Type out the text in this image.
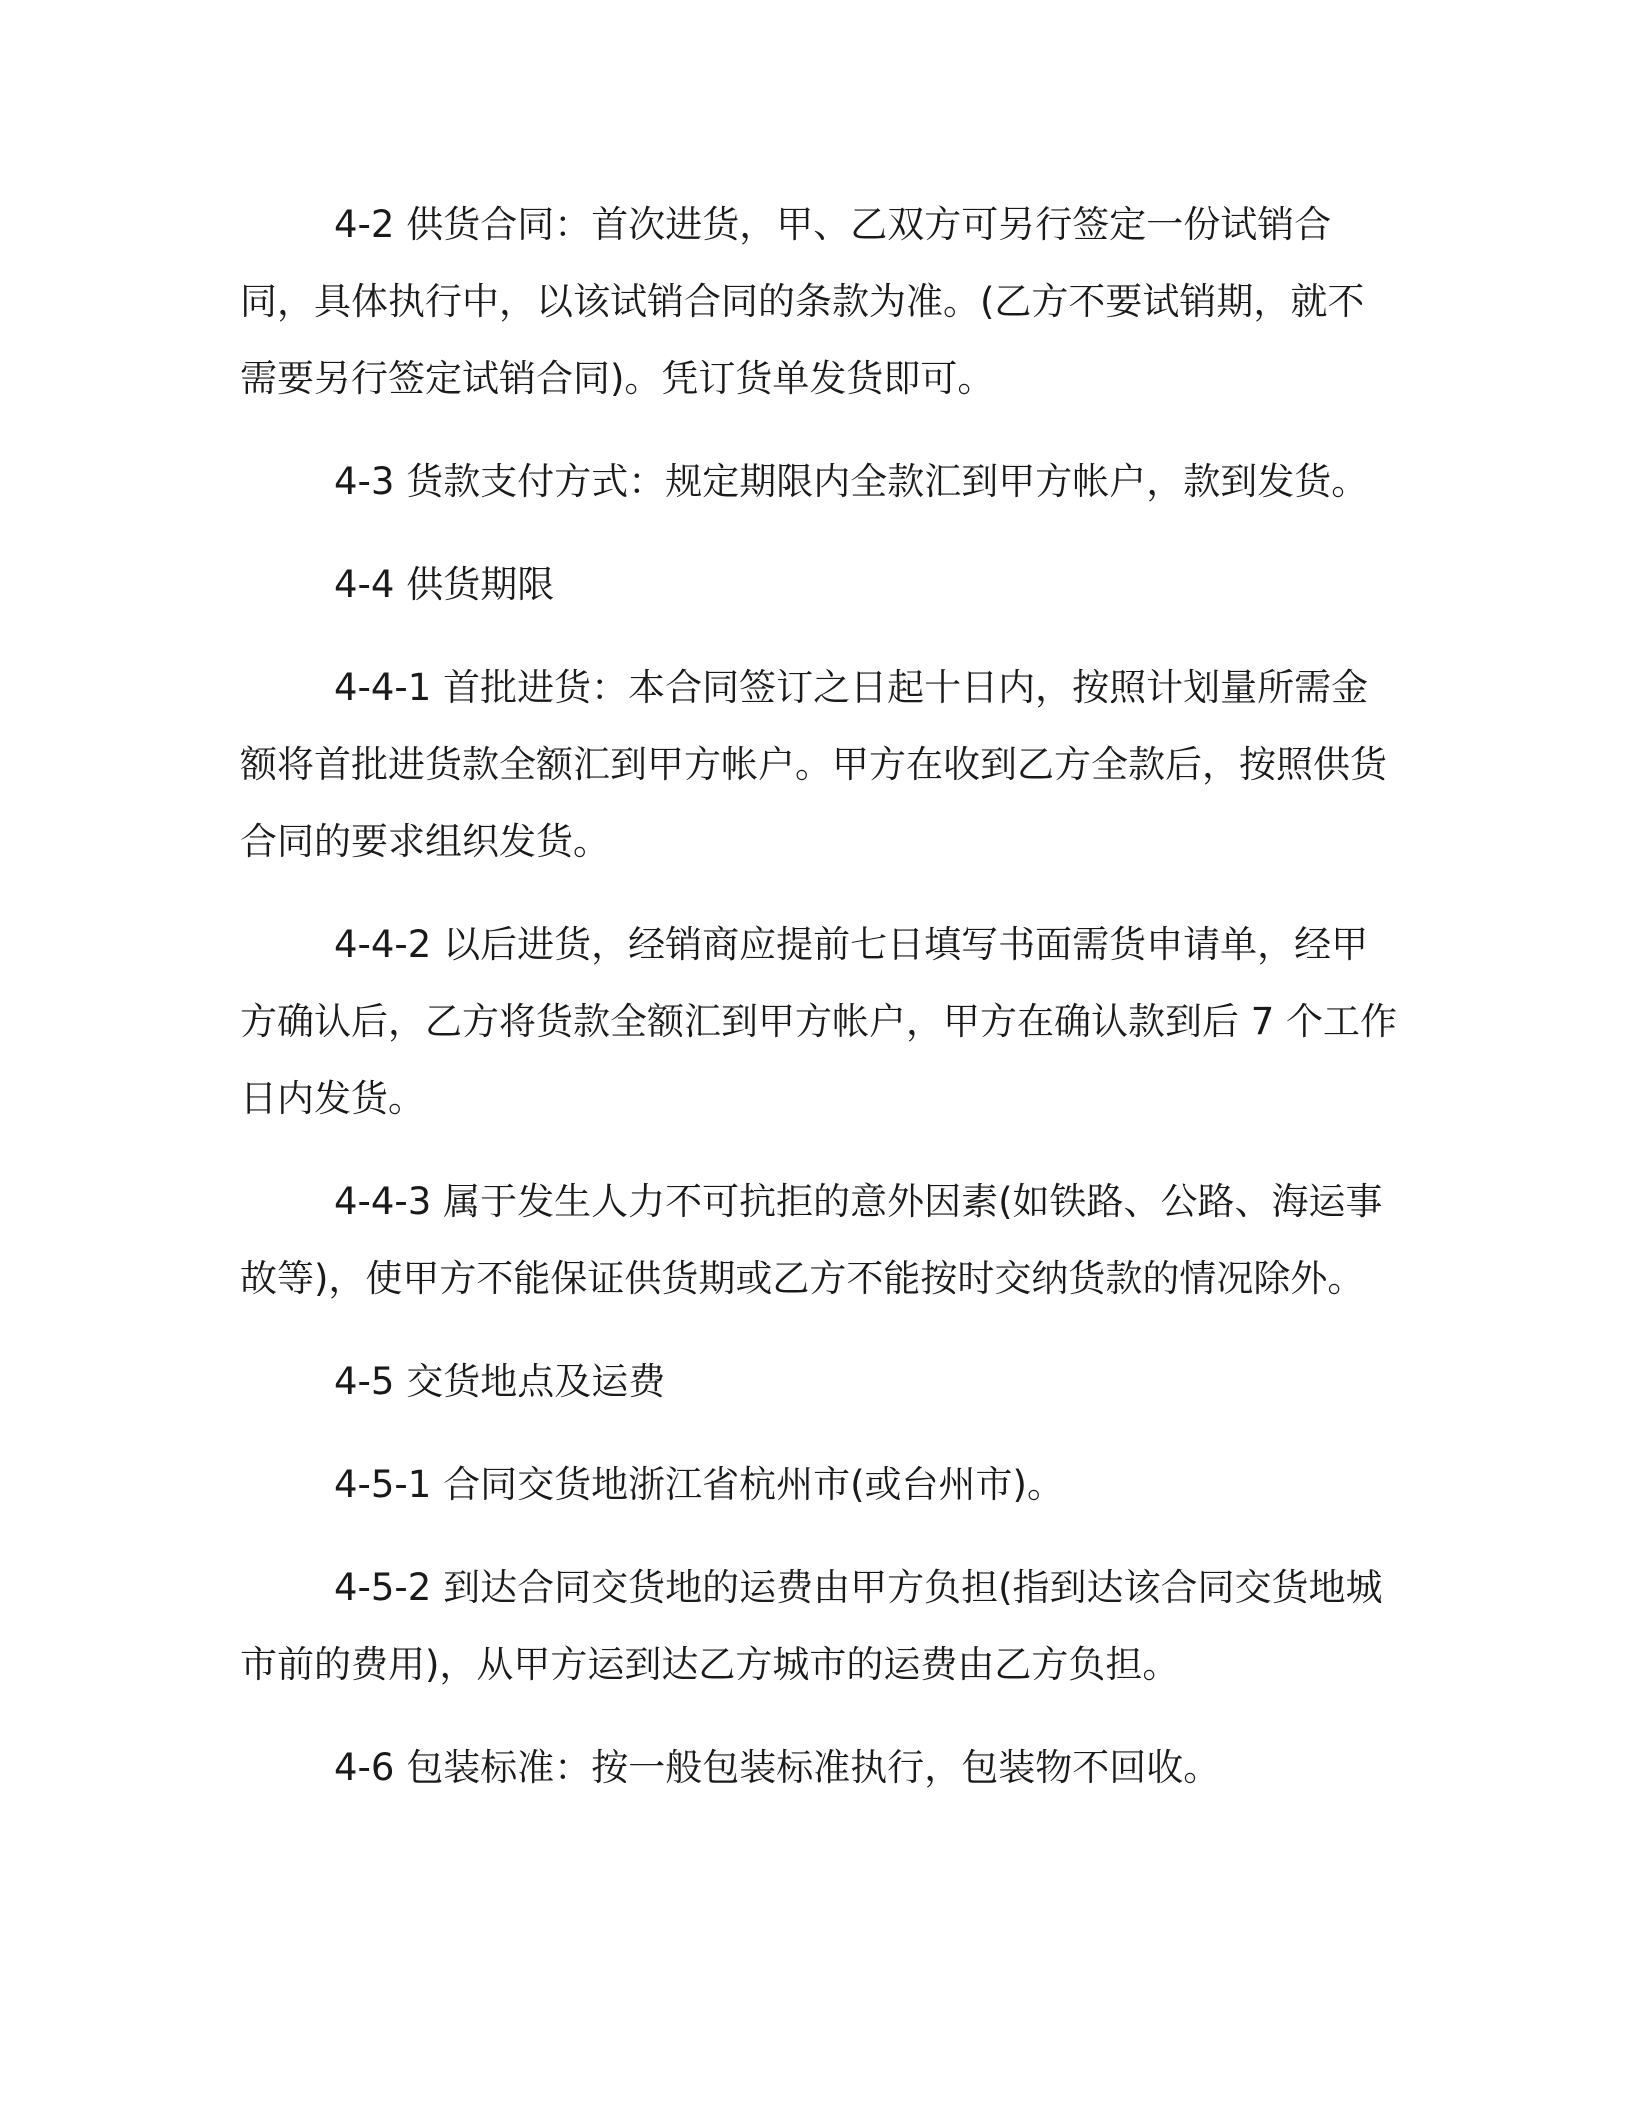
4-2 供货合同：首次进货，甲、乙双方可另行签定一份试销合同，具体执行中，以该试销合同的条款为准。(乙方不要试销期，就不需要另行签定试销合同)。凭订货单发货即可。

4-3 货款支付方式：规定期限内全款汇到甲方帐户，款到发货。

4-4 供货期限

4-4-1 首批进货：本合同签订之日起十日内，按照计划量所需金额将首批进货款全额汇到甲方帐户。甲方在收到乙方全款后，按照供货合同的要求组织发货。

4-4-2 以后进货，经销商应提前七日填写书面需货申请单，经甲方确认后，乙方将货款全额汇到甲方帐户，甲方在确认款到后 7 个工作日内发货。

4-4-3 属于发生人力不可抗拒的意外因素(如铁路、公路、海运事故等)，使甲方不能保证供货期或乙方不能按时交纳货款的情况除外。

4-5 交货地点及运费

4-5-1 合同交货地浙江省杭州市(或台州市)。

4-5-2 到达合同交货地的运费由甲方负担(指到达该合同交货地城市前的费用)，从甲方运到达乙方城市的运费由乙方负担。

4-6 包装标准：按一般包装标准执行，包装物不回收。
